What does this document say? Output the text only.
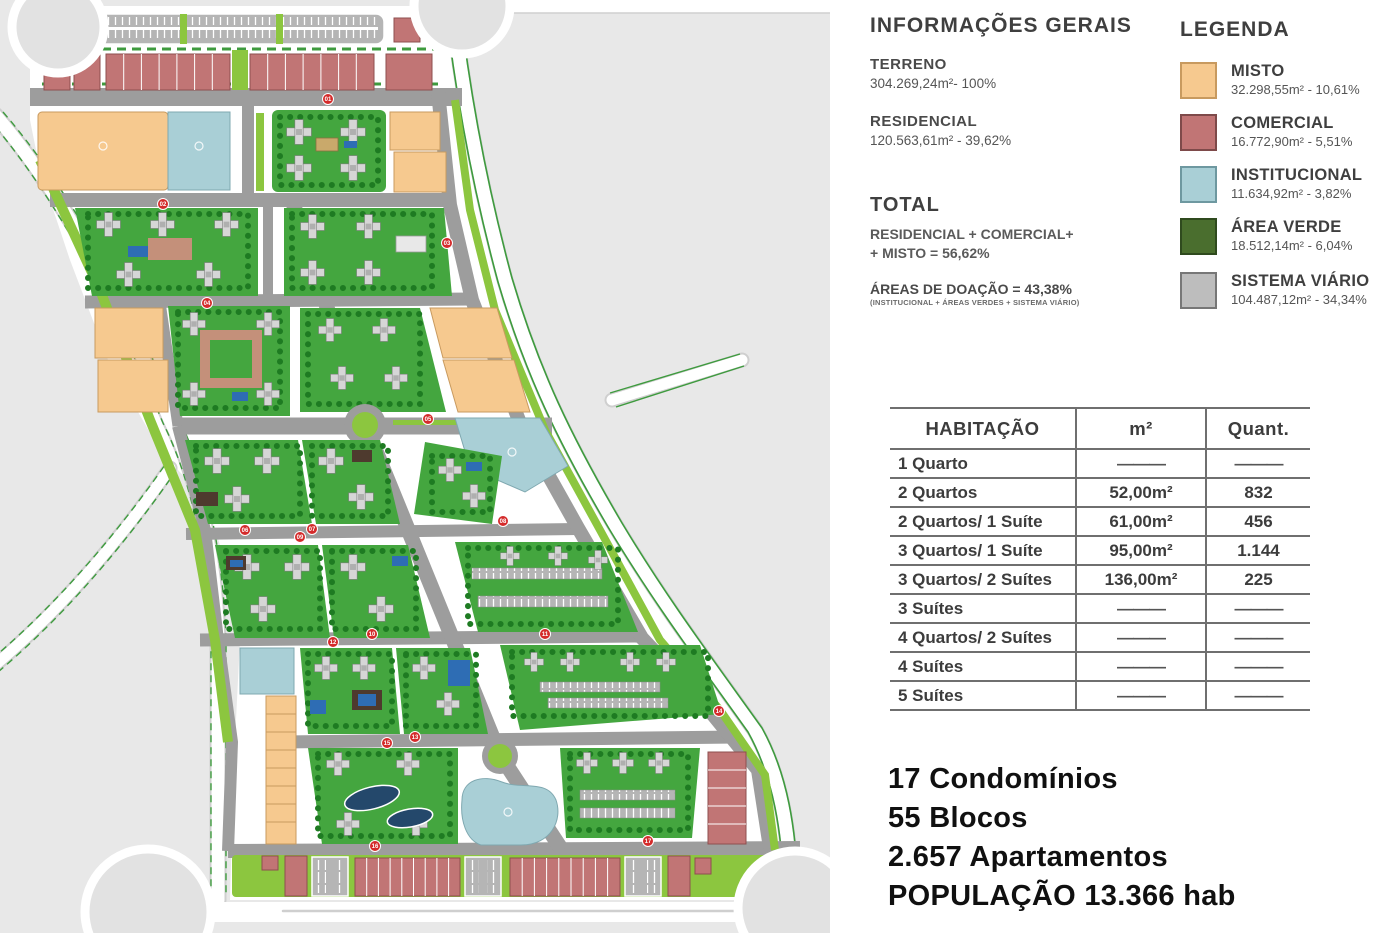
01
02
03
04
05
06	07
08
09
10	11
12
13
14
15
16
17
INFORMAÇÕES GERAIS
TERRENO
304.269,24m²- 100%
RESIDENCIAL
120.563,61m² - 39,62%
TOTAL
RESIDENCIAL + COMERCIAL+
+ MISTO = 56,62%
ÁREAS DE DOAÇÃO = 43,38%
(INSTITUCIONAL + ÁREAS VERDES + SISTEMA VIÁRIO)
LEGENDA
MISTO
32.298,55m² - 10,61%
COMERCIAL
16.772,90m² - 5,51%
INSTITUCIONAL
11.634,92m² - 3,82%
ÁREA VERDE
18.512,14m² - 6,04%
SISTEMA VIÁRIO
104.487,12m² - 34,34%
HABITAÇÃO	m²	Quant.
1 Quarto	———	———
2 Quartos	52,00m²	832
2 Quartos/ 1 Suíte	61,00m²	456
3 Quartos/ 1 Suíte	95,00m²	1.144
3 Quartos/ 2 Suítes	136,00m²	225
3 Suítes	———	———
4 Quartos/ 2 Suítes	———	———
4 Suítes	———	———
5 Suítes	———	———
17 Condomínios
55 Blocos
2.657 Apartamentos
POPULAÇÃO 13.366 hab
